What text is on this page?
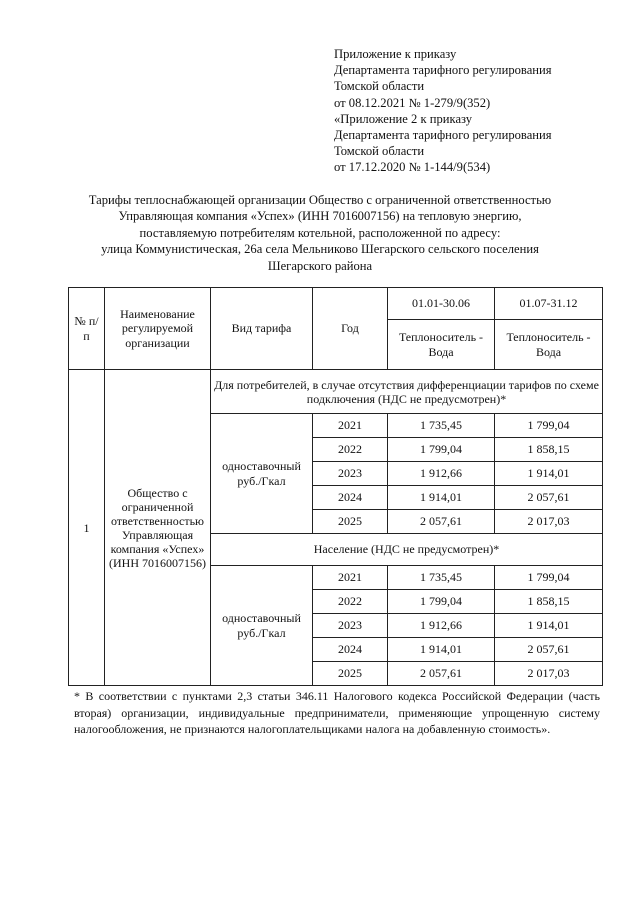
Приложение к приказу
Департамента тарифного регулирования
Томской области
от 08.12.2021 № 1-279/9(352)
«Приложение 2 к приказу
Департамента тарифного регулирования
Томской области
от 17.12.2020 № 1-144/9(534)
Тарифы теплоснабжающей организации Общество с ограниченной ответственностью
Управляющая компания «Успех» (ИНН 7016007156) на тепловую энергию,
поставляемую потребителям котельной, расположенной по адресу:
улица Коммунистическая, 26а села Мельниково Шегарского сельского поселения
Шегарского района
№ п/п	Наименование регулируемой организации	Вид тарифа	Год	01.01-30.06	01.07-31.12
				Теплоноситель - Вода	Теплоноситель - Вода
1	Общество с ограниченной ответственностью Управляющая компания «Успех» (ИНН 7016007156)	Для потребителей, в случае отсутствия дифференциации тарифов по схеме подключения (НДС не предусмотрен)*			
		одноставочный руб./Гкал	2021	1 735,45	1 799,04
			2022	1 799,04	1 858,15
			2023	1 912,66	1 914,01
			2024	1 914,01	2 057,61
			2025	2 057,61	2 017,03
		Население (НДС не предусмотрен)*			
		одноставочный руб./Гкал	2021	1 735,45	1 799,04
			2022	1 799,04	1 858,15
			2023	1 912,66	1 914,01
			2024	1 914,01	2 057,61
			2025	2 057,61	2 017,03
* В соответствии с пунктами 2,3 статьи 346.11 Налогового кодекса Российской Федерации (часть вторая) организации, индивидуальные предприниматели, применяющие упрощенную систему налогообложения, не признаются налогоплательщиками налога на добавленную стоимость».
